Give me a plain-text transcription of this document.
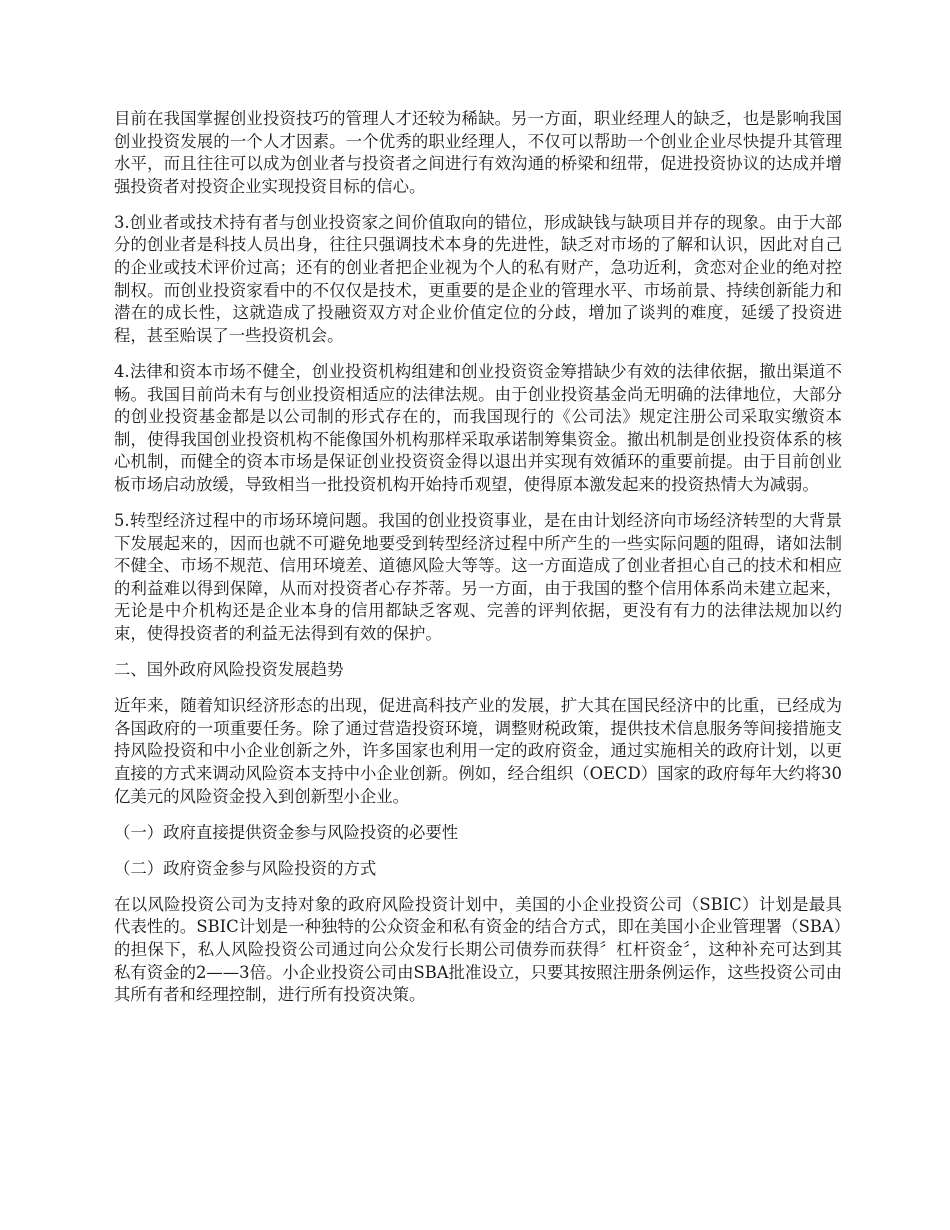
目前在我国掌握创业投资技巧的管理人才还较为稀缺。另一方面，职业经理人的缺乏，也是影响我国创业投资发展的一个人才因素。一个优秀的职业经理人，不仅可以帮助一个创业企业尽快提升其管理水平，而且往往可以成为创业者与投资者之间进行有效沟通的桥梁和纽带，促进投资协议的达成并增强投资者对投资企业实现投资目标的信心。

3.创业者或技术持有者与创业投资家之间价值取向的错位，形成缺钱与缺项目并存的现象。由于大部分的创业者是科技人员出身，往往只强调技术本身的先进性，缺乏对市场的了解和认识，因此对自己的企业或技术评价过高；还有的创业者把企业视为个人的私有财产，急功近利，贪恋对企业的绝对控制权。而创业投资家看中的不仅仅是技术，更重要的是企业的管理水平、市场前景、持续创新能力和潜在的成长性，这就造成了投融资双方对企业价值定位的分歧，增加了谈判的难度，延缓了投资进程，甚至贻误了一些投资机会。

4.法律和资本市场不健全，创业投资机构组建和创业投资资金筹措缺少有效的法律依据，撤出渠道不畅。我国目前尚未有与创业投资相适应的法律法规。由于创业投资基金尚无明确的法律地位，大部分的创业投资基金都是以公司制的形式存在的，而我国现行的《公司法》规定注册公司采取实缴资本制，使得我国创业投资机构不能像国外机构那样采取承诺制筹集资金。撤出机制是创业投资体系的核心机制，而健全的资本市场是保证创业投资资金得以退出并实现有效循环的重要前提。由于目前创业板市场启动放缓，导致相当一批投资机构开始持币观望，使得原本激发起来的投资热情大为减弱。

5.转型经济过程中的市场环境问题。我国的创业投资事业，是在由计划经济向市场经济转型的大背景下发展起来的，因而也就不可避免地要受到转型经济过程中所产生的一些实际问题的阻碍，诸如法制不健全、市场不规范、信用环境差、道德风险大等等。这一方面造成了创业者担心自己的技术和相应的利益难以得到保障，从而对投资者心存芥蒂。另一方面，由于我国的整个信用体系尚未建立起来，无论是中介机构还是企业本身的信用都缺乏客观、完善的评判依据，更没有有力的法律法规加以约束，使得投资者的利益无法得到有效的保护。

二、国外政府风险投资发展趋势

近年来，随着知识经济形态的出现，促进高科技产业的发展，扩大其在国民经济中的比重，已经成为各国政府的一项重要任务。除了通过营造投资环境，调整财税政策，提供技术信息服务等间接措施支持风险投资和中小企业创新之外，许多国家也利用一定的政府资金，通过实施相关的政府计划，以更直接的方式来调动风险资本支持中小企业创新。例如，经合组织（OECD）国家的政府每年大约将30亿美元的风险资金投入到创新型小企业。

（一）政府直接提供资金参与风险投资的必要性

（二）政府资金参与风险投资的方式

在以风险投资公司为支持对象的政府风险投资计划中，美国的小企业投资公司（SBIC）计划是最具代表性的。SBIC计划是一种独特的公众资金和私有资金的结合方式，即在美国小企业管理署（SBA）的担保下，私人风险投资公司通过向公众发行长期公司债券而获得〞杠杆资金〞，这种补充可达到其私有资金的2——3倍。小企业投资公司由SBA批准设立，只要其按照注册条例运作，这些投资公司由其所有者和经理控制，进行所有投资决策。
